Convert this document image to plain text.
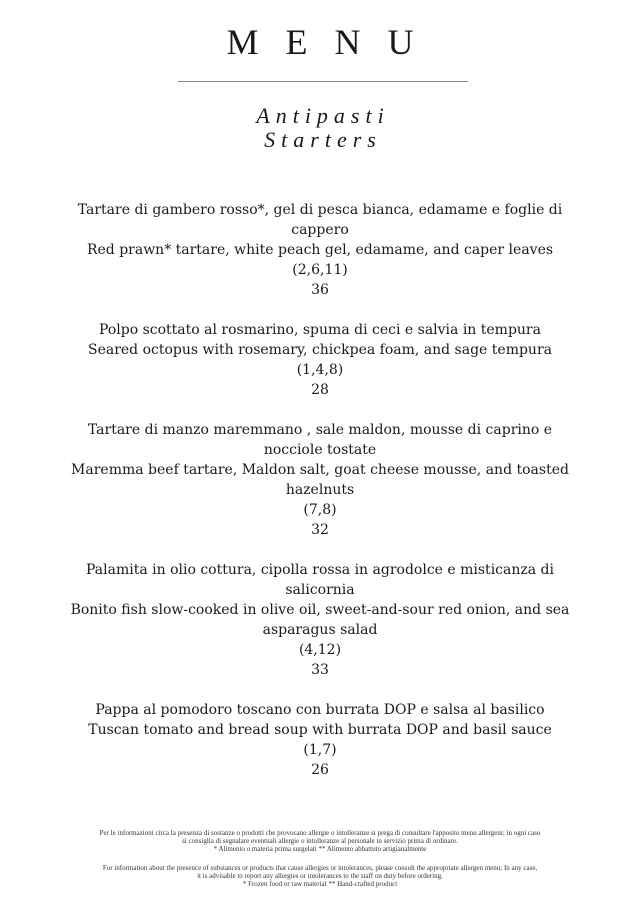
MENU
Antipasti
Starters
Tartare di gambero rosso*, gel di pesca bianca, edamame e foglie di cappero
Red prawn* tartare, white peach gel, edamame, and caper leaves
(2,6,11)
36
Polpo scottato al rosmarino, spuma di ceci e salvia in tempura
Seared octopus with rosemary, chickpea foam, and sage tempura
(1,4,8)
28
Tartare di manzo maremmano , sale maldon, mousse di caprino e nocciole tostate
Maremma beef tartare, Maldon salt, goat cheese mousse, and toasted hazelnuts
(7,8)
32
Palamita in olio cottura, cipolla rossa in agrodolce e misticanza di salicornia
Bonito fish slow-cooked in olive oil, sweet-and-sour red onion, and sea asparagus salad
(4,12)
33
Pappa al pomodoro toscano con burrata DOP e salsa al basilico
Tuscan tomato and bread soup with burrata DOP and basil sauce
(1,7)
26
Per le informazioni circa la presenza di sostanze o prodotti che provocano allergie o intolleranze si prega di consultare l'apposito menu allergeni; in ogni caso
si consiglia di segnalare eventuali allergie o intolleranze al personale in servizio prima di ordinare.
* Alimento o materia prima surgelati ** Alimento abbattuto artigianalmente
For information about the presence of substances or products that cause allergies or intolerances, please consult the appropriate allergen menu; In any case,
it is advisable to report any allergies or intolerances to the staff on duty before ordering.
* Frozen food or raw material ** Hand-crafted product
